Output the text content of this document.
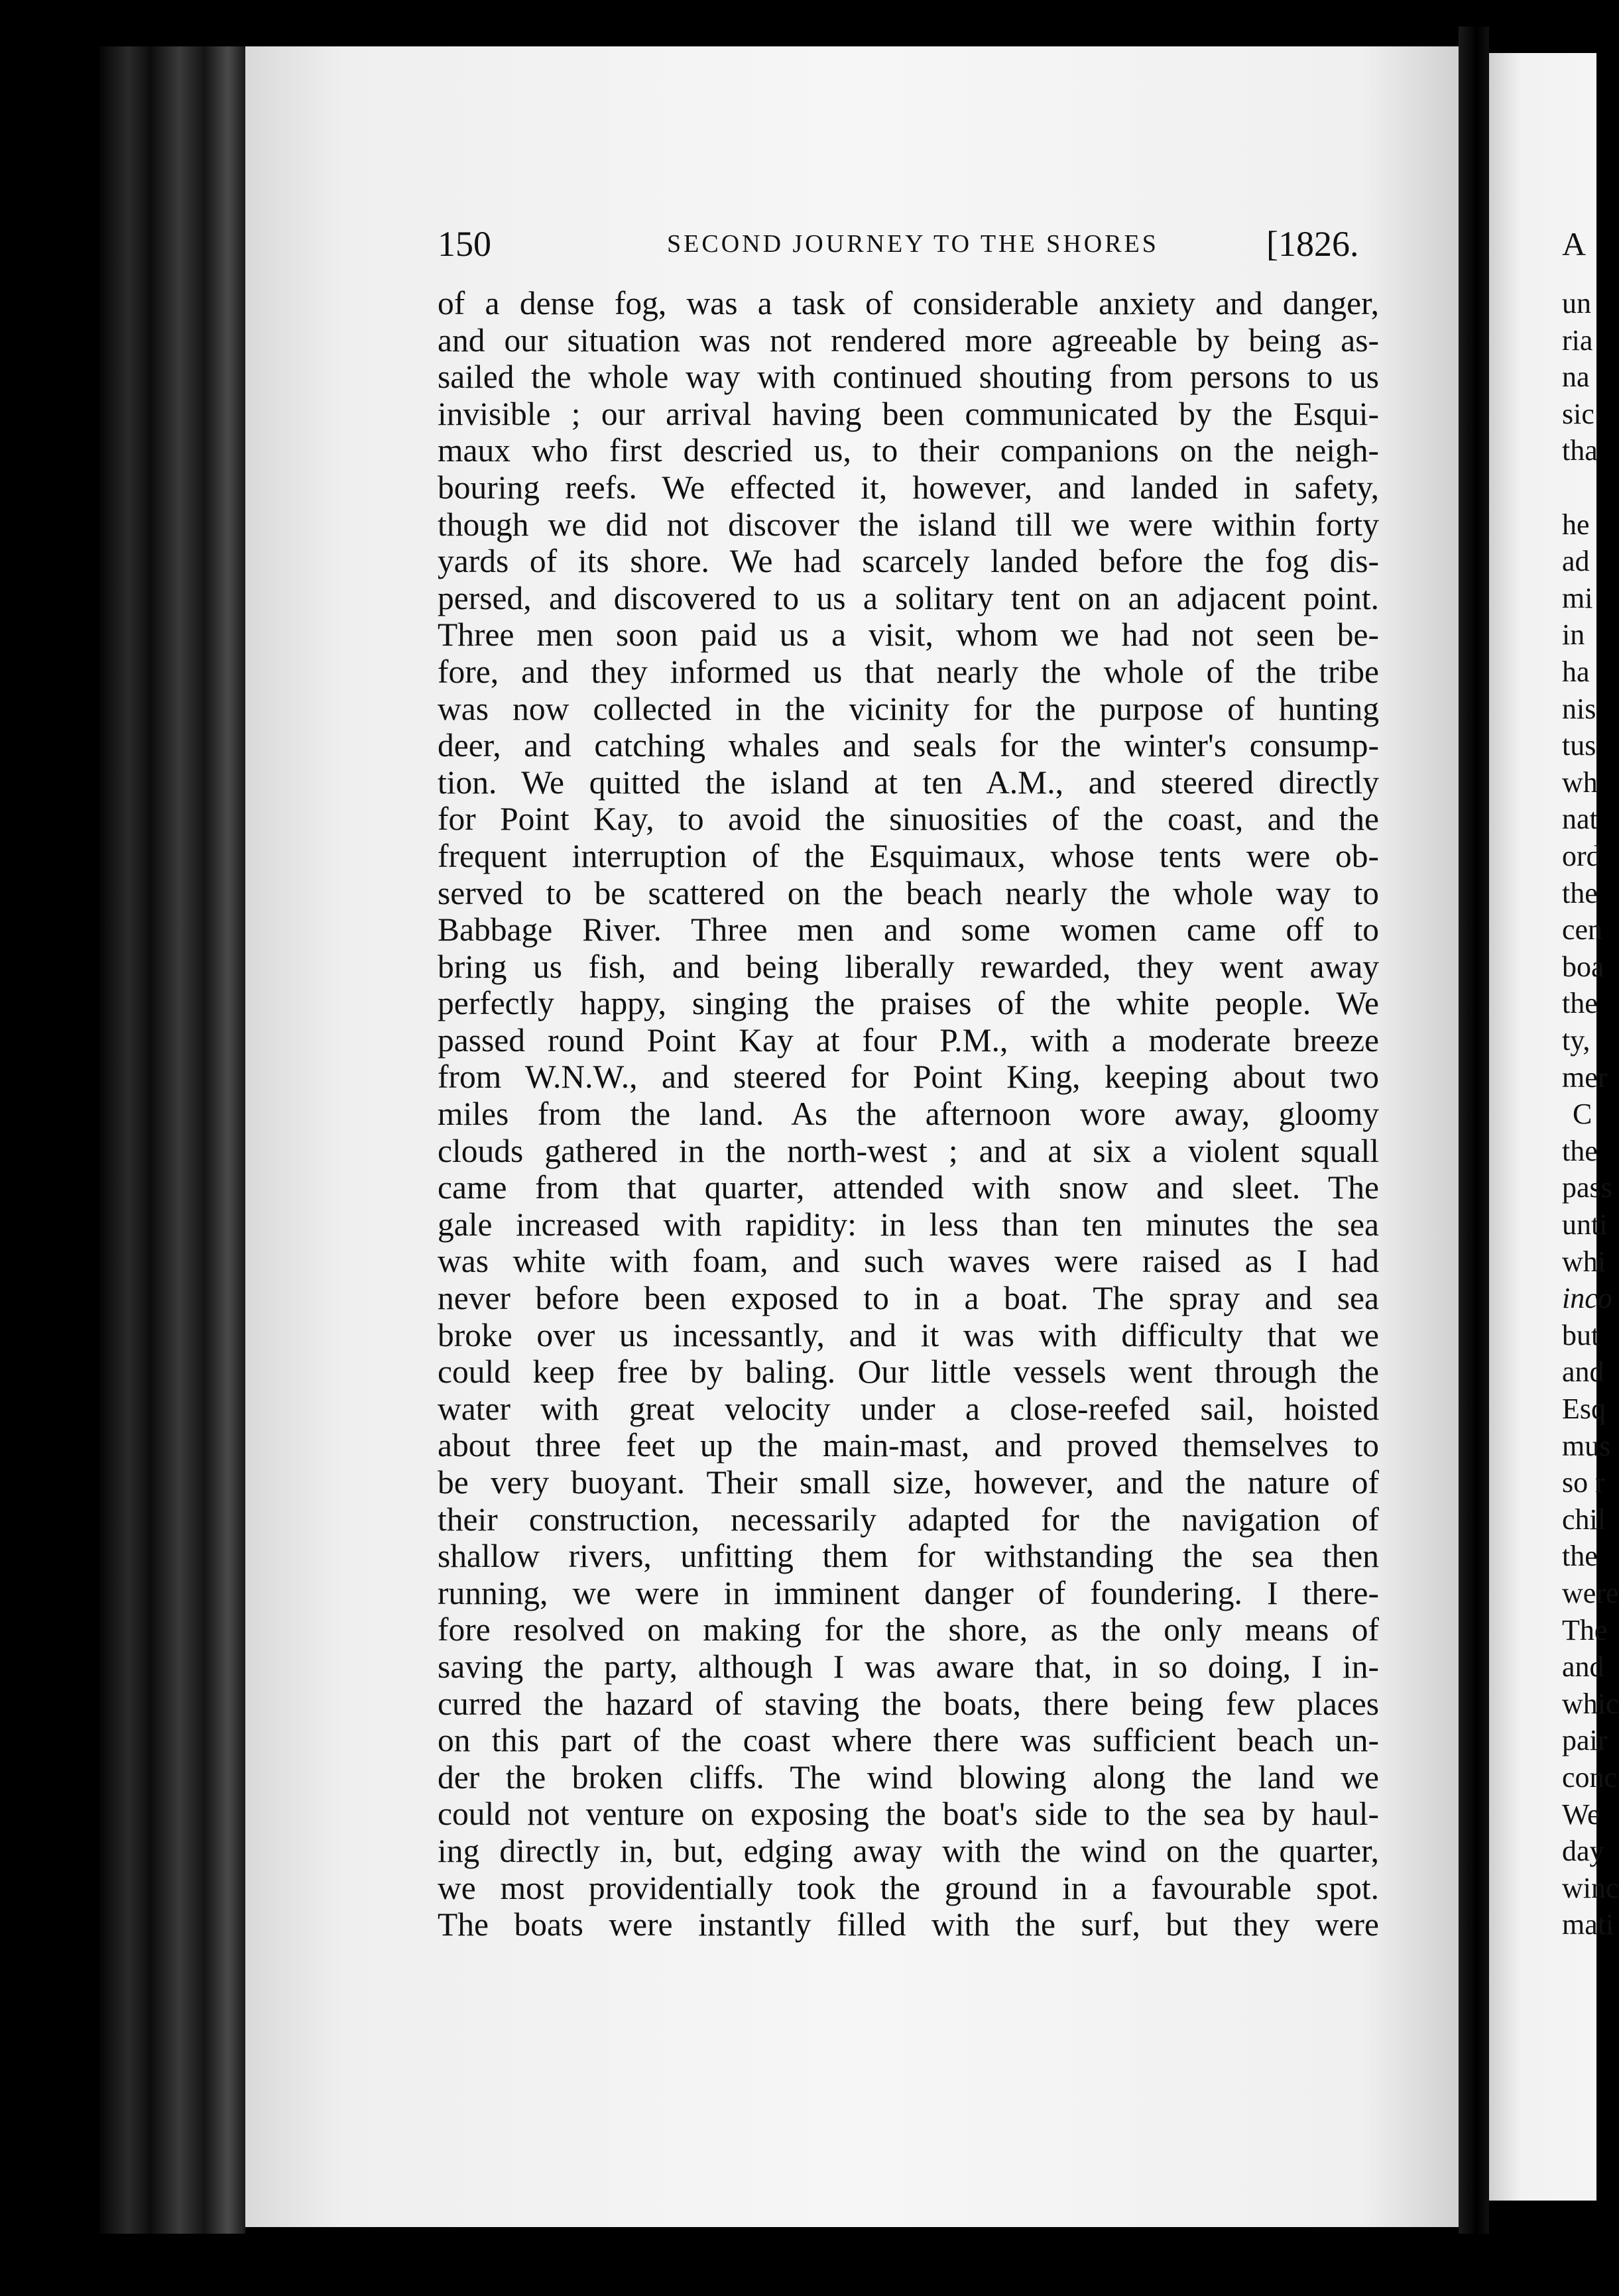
150	SECOND JOURNEY TO THE SHORES	[1826.
of a dense fog, was a task of considerable anxiety and danger,
and our situation was not rendered more agreeable by being as-
sailed the whole way with continued shouting from persons to us
invisible ; our arrival having been communicated by the Esqui-
maux who first descried us, to their companions on the neigh-
bouring reefs. We effected it, however, and landed in safety,
though we did not discover the island till we were within forty
yards of its shore. We had scarcely landed before the fog dis-
persed, and discovered to us a solitary tent on an adjacent point.
Three men soon paid us a visit, whom we had not seen be-
fore, and they informed us that nearly the whole of the tribe
was now collected in the vicinity for the purpose of hunting
deer, and catching whales and seals for the winter's consump-
tion. We quitted the island at ten A.M., and steered directly
for Point Kay, to avoid the sinuosities of the coast, and the
frequent interruption of the Esquimaux, whose tents were ob-
served to be scattered on the beach nearly the whole way to
Babbage River. Three men and some women came off to
bring us fish, and being liberally rewarded, they went away
perfectly happy, singing the praises of the white people. We
passed round Point Kay at four P.M., with a moderate breeze
from W.N.W., and steered for Point King, keeping about two
miles from the land. As the afternoon wore away, gloomy
clouds gathered in the north-west ; and at six a violent squall
came from that quarter, attended with snow and sleet. The
gale increased with rapidity: in less than ten minutes the sea
was white with foam, and such waves were raised as I had
never before been exposed to in a boat. The spray and sea
broke over us incessantly, and it was with difficulty that we
could keep free by baling. Our little vessels went through the
water with great velocity under a close-reefed sail, hoisted
about three feet up the main-mast, and proved themselves to
be very buoyant. Their small size, however, and the nature of
their construction, necessarily adapted for the navigation of
shallow rivers, unfitting them for withstanding the sea then
running, we were in imminent danger of foundering. I there-
fore resolved on making for the shore, as the only means of
saving the party, although I was aware that, in so doing, I in-
curred the hazard of staving the boats, there being few places
on this part of the coast where there was sufficient beach un-
der the broken cliffs. The wind blowing along the land we
could not venture on exposing the boat's side to the sea by haul-
ing directly in, but, edging away with the wind on the quarter,
we most providentially took the ground in a favourable spot.
The boats were instantly filled with the surf, but they were
A
un
ria
na
sic
tha
he
ad
mi
in
ha
nis
tus
wh
nat
ord
the
cen
boa
the
ty,
mer
C
the
pass
unti
whi
inco
but
and
Esq
mus
so r
chil
the
were
The
and
whic
pair
conc
We
day
winc
mati
